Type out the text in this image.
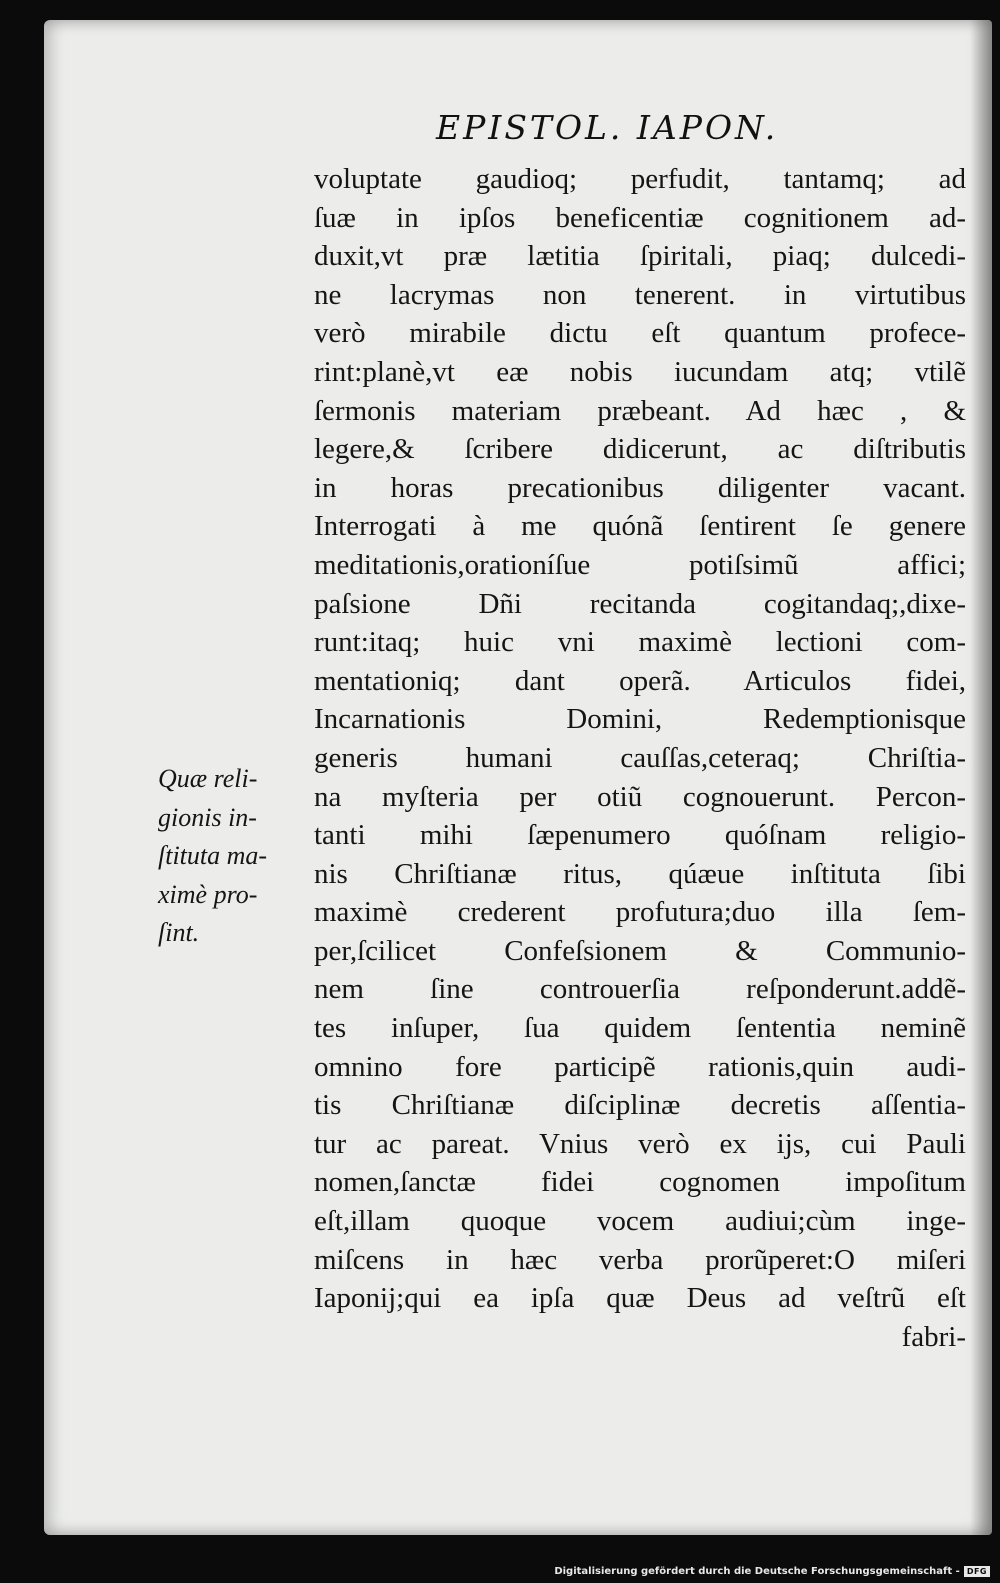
EPISTOL. IAPON.
voluptate gaudioq; perfudit, tantamq; ad
ſuæ in ipſos beneficentiæ cognitionem ad-
duxit,vt præ lætitia ſpiritali, piaq; dulcedi-
ne lacrymas non tenerent. in virtutibus
verò mirabile dictu eſt quantum profece-
rint:planè,vt eæ nobis iucundam atq; vtilẽ
ſermonis materiam præbeant. Ad hæc , &
legere,& ſcribere didicerunt, ac diſtributis
in horas precationibus diligenter vacant.
Interrogati à me quónã ſentirent ſe genere
meditationis,orationíſue potiſsimũ affici;
paſsione Dñi recitanda cogitandaq;,dixe-
runt:itaq; huic vni maximè lectioni com-
mentationiq; dant operã. Articulos fidei,
Incarnationis Domini, Redemptionisque
generis humani cauſſas,ceteraq; Chriſtia-
na myſteria per otiũ cognouerunt. Percon-
tanti mihi ſæpenumero quóſnam religio-
nis Chriſtianæ ritus, qúæue inſtituta ſibi
maximè crederent profutura;duo illa ſem-
per,ſcilicet Confeſsionem & Communio-
nem ſine controuerſia reſponderunt.addẽ-
tes inſuper, ſua quidem ſententia neminẽ
omnino fore participẽ rationis,quin audi-
tis Chriſtianæ diſciplinæ decretis aſſentia-
tur ac pareat. Vnius verò ex ijs, cui Pauli
nomen,ſanctæ fidei cognomen impoſitum
eſt,illam quoque vocem audiui;cùm inge-
miſcens in hæc verba prorũperet:O miſeri
Iaponij;qui ea ipſa quæ Deus ad veſtrũ eſt
fabri-
Quæ reli-
gionis in-
ſtituta ma-
ximè pro-
ſint.
Digitalisierung gefördert durch die Deutsche Forschungsgemeinschaft - DFG
